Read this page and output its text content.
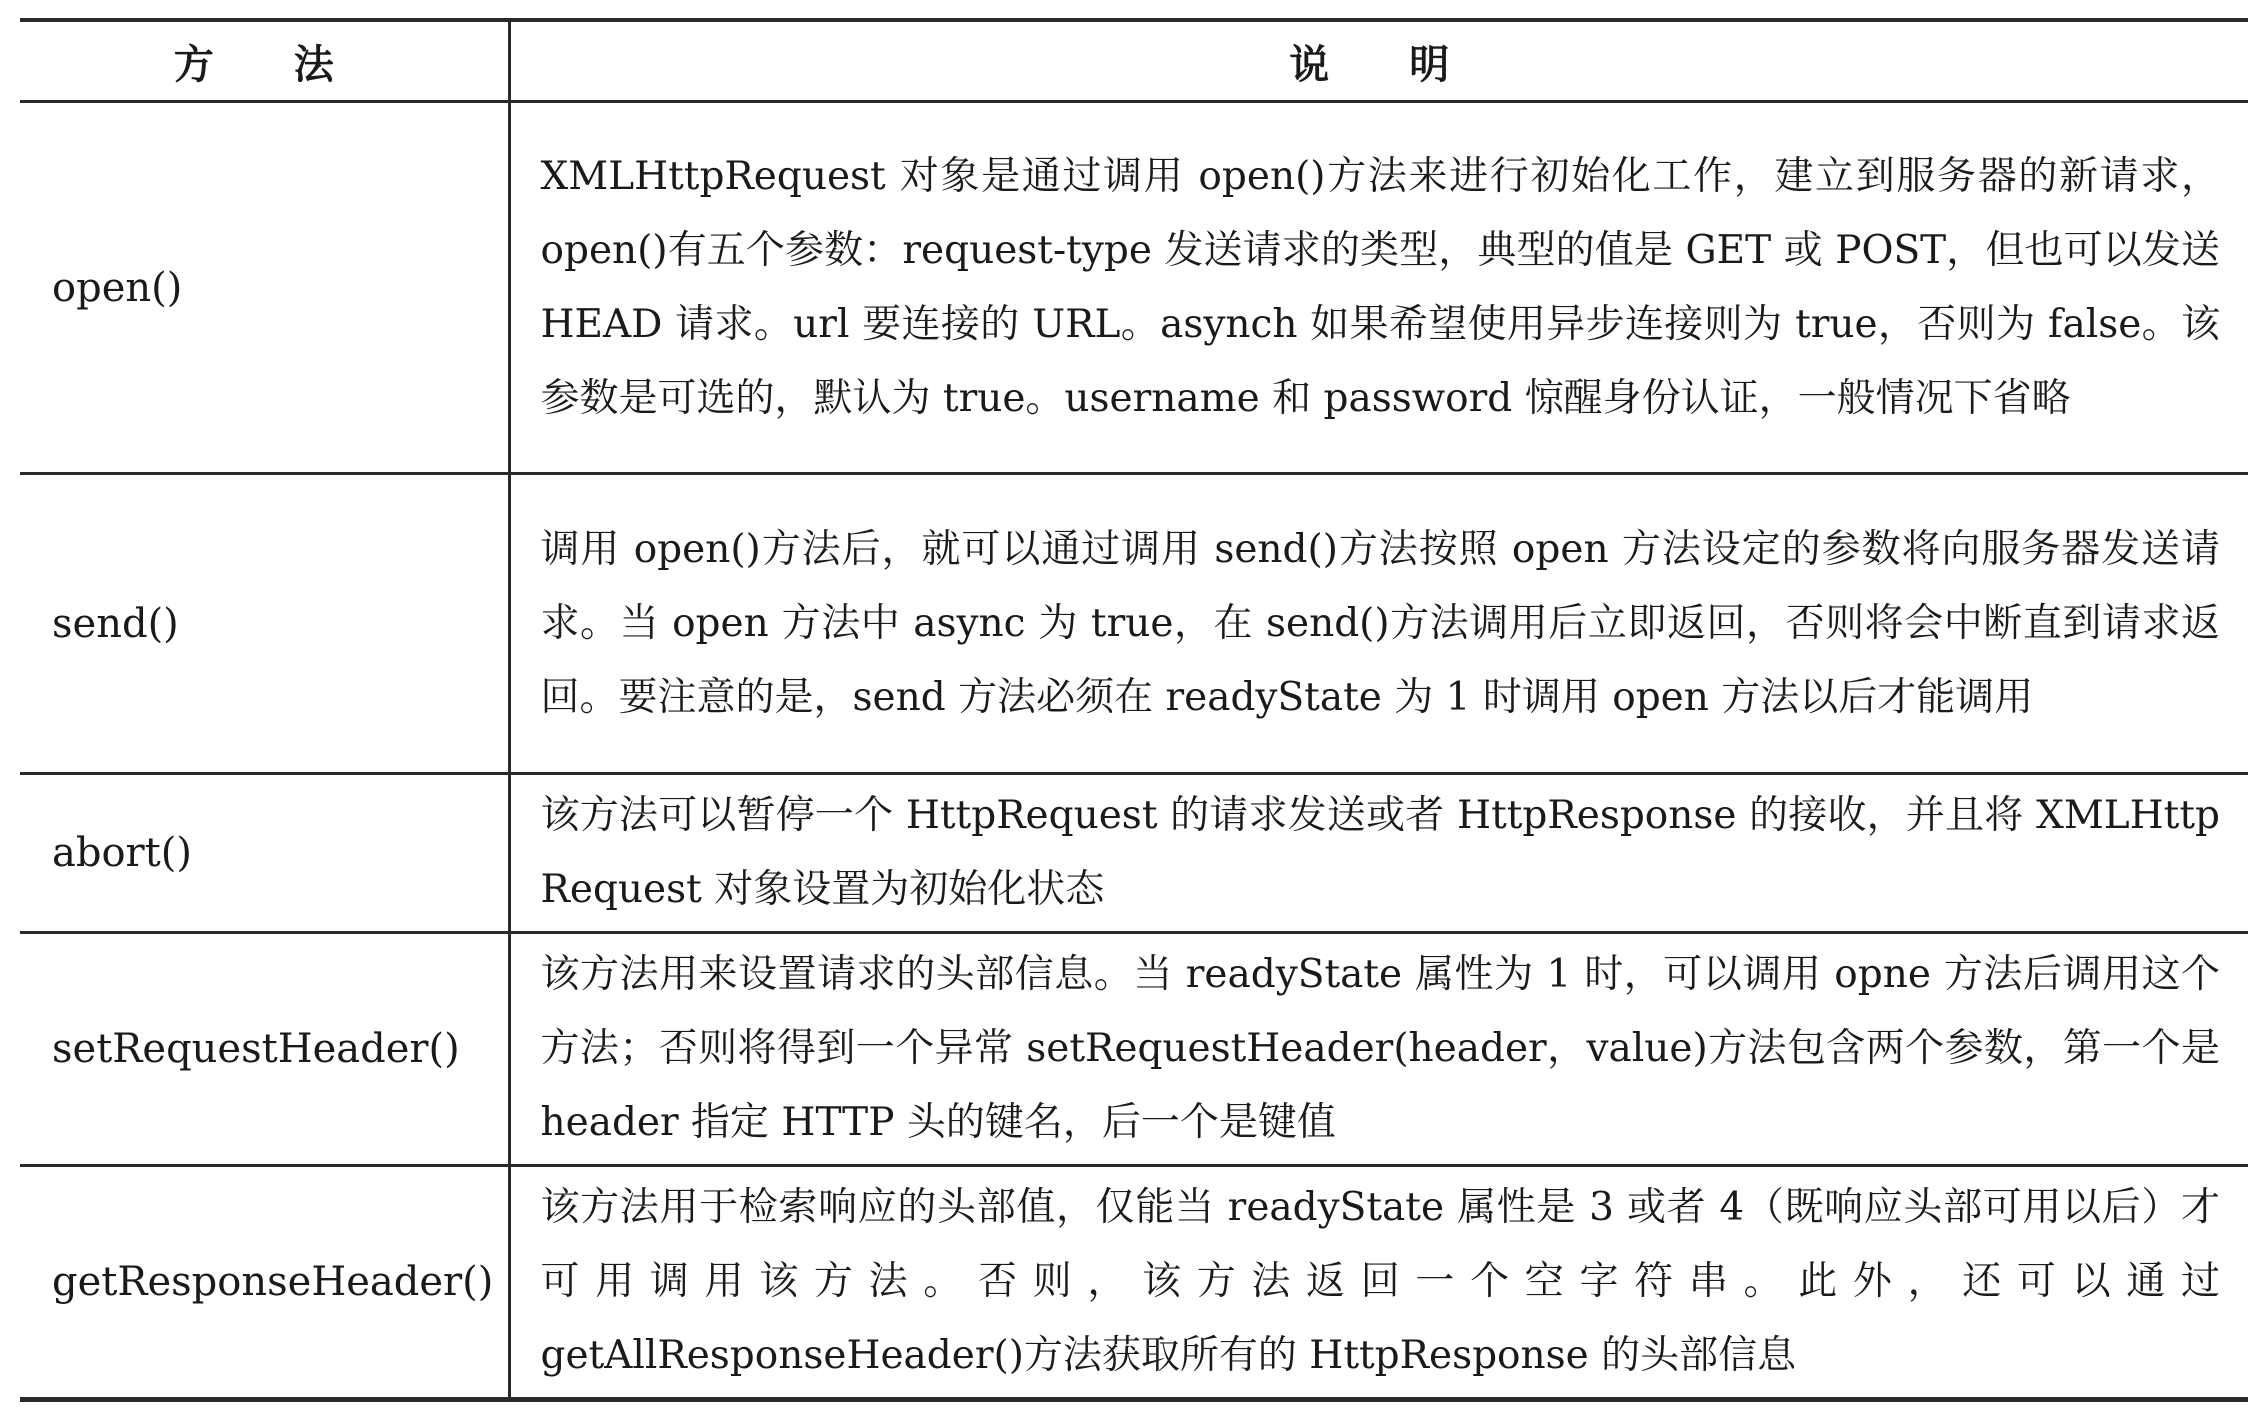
方　法	说　明
open()	XMLHttpRequest 对象是通过调用 open()方法来进行初始化工作，建立到服务器的新请求，open()有五个参数：request-type 发送请求的类型，典型的值是 GET 或 POST，但也可以发送 HEAD 请求。url 要连接的 URL。asynch 如果希望使用异步连接则为 true，否则为 false。该参数是可选的，默认为 true。username 和 password 惊醒身份认证，一般情况下省略
send()	调用 open()方法后，就可以通过调用 send()方法按照 open 方法设定的参数将向服务器发送请求。当 open 方法中 async 为 true，在 send()方法调用后立即返回，否则将会中断直到请求返回。要注意的是，send 方法必须在 readyState 为 1 时调用 open 方法以后才能调用
abort()	该方法可以暂停一个 HttpRequest 的请求发送或者 HttpResponse 的接收，并且将 XMLHttp Request 对象设置为初始化状态
setRequestHeader()	该方法用来设置请求的头部信息。当 readyState 属性为 1 时，可以调用 opne 方法后调用这个方法；否则将得到一个异常 setRequestHeader(header，value)方法包含两个参数，第一个是 header 指定 HTTP 头的键名，后一个是键值
getResponseHeader()	该方法用于检索响应的头部值，仅能当 readyState 属性是 3 或者 4（既响应头部可用以后）才可用调用该方法。否则，该方法返回一个空字符串。此外，还可以通过 getAllResponseHeader()方法获取所有的 HttpResponse 的头部信息
